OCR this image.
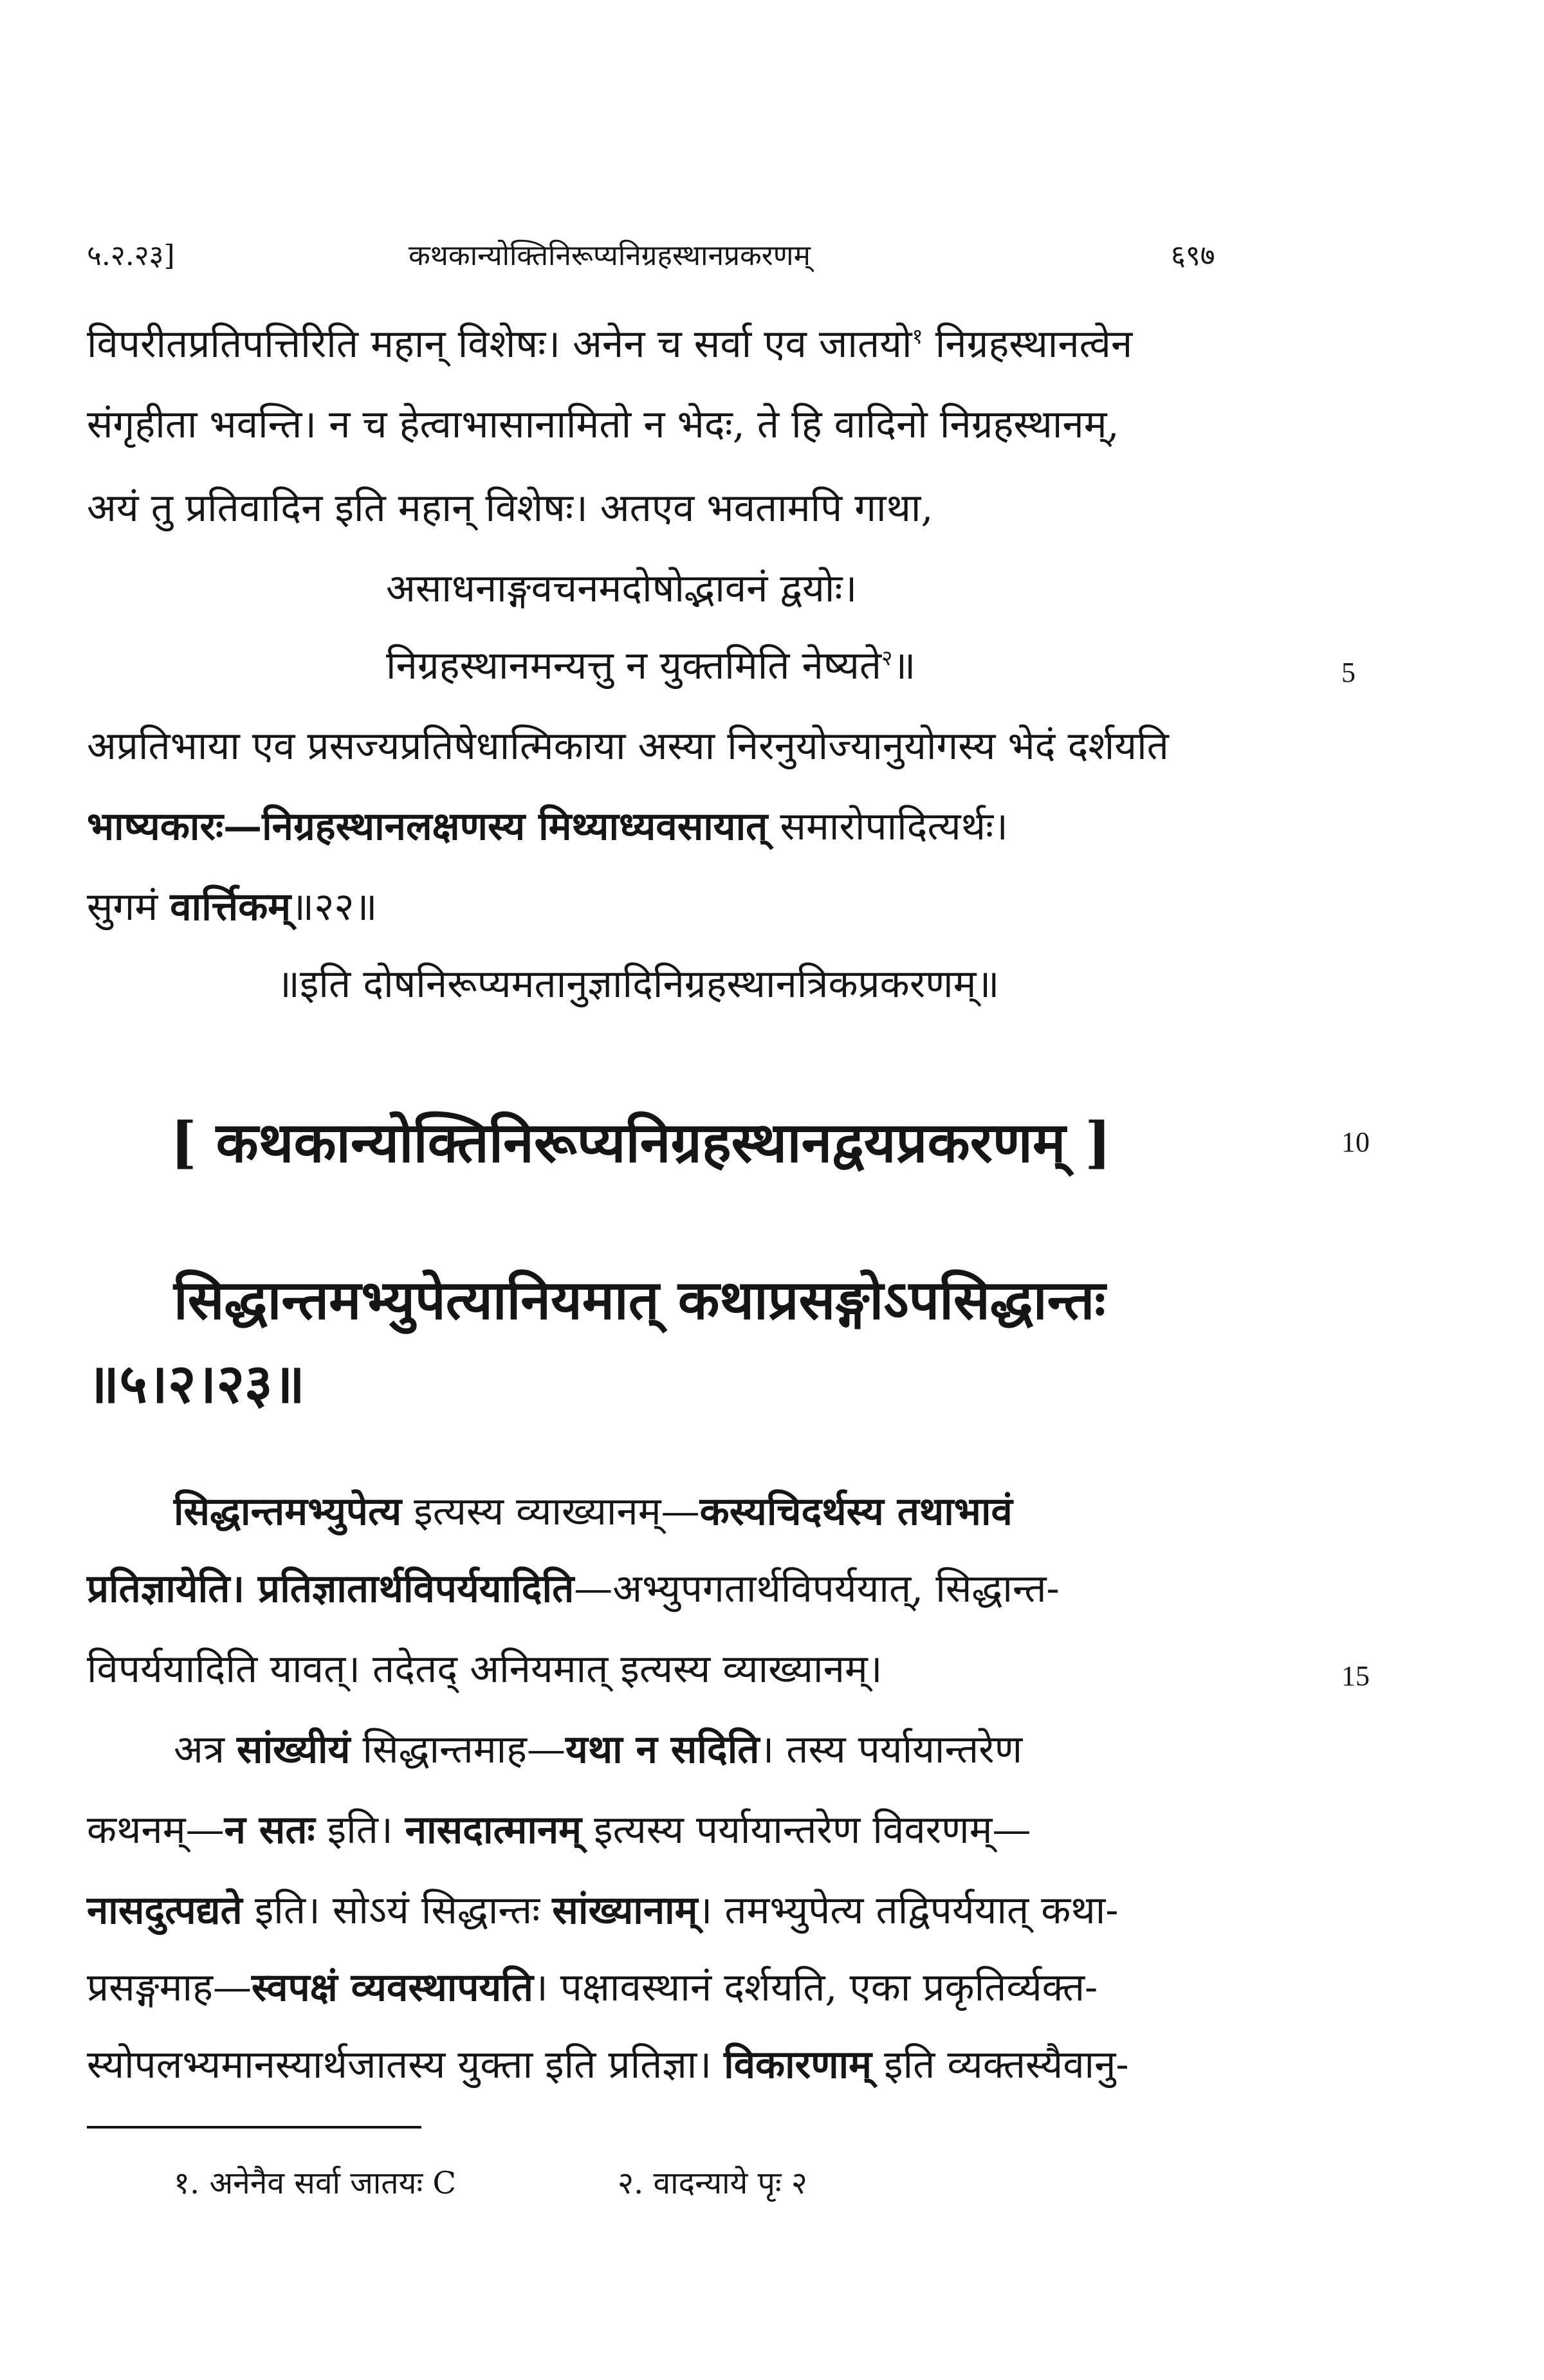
५.२.२३]	कथकान्योक्तिनिरूप्यनिग्रहस्थानप्रकरणम्	६९७
विपरीतप्रतिपत्तिरिति महान् विशेषः। अनेन च सर्वा एव जातयो$^१$ निग्रहस्थानत्वेन
संगृहीता भवन्ति। न च हेत्वाभासानामितो न भेदः, ते हि वादिनो निग्रहस्थानम्,
अयं तु प्रतिवादिन इति महान् विशेषः। अतएव भवतामपि गाथा,
असाधनाङ्गवचनमदोषोद्भावनं द्वयोः।
निग्रहस्थानमन्यत्तु न युक्तमिति नेष्यते$^२$॥	5
अप्रतिभाया एव प्रसज्यप्रतिषेधात्मिकाया अस्या निरनुयोज्यानुयोगस्य भेदं दर्शयति
भाष्यकारः—निग्रहस्थानलक्षणस्य मिथ्याध्यवसायात् समारोपादित्यर्थः।
सुगमं वार्त्तिकम्॥२२॥
॥इति दोषनिरूप्यमतानुज्ञादिनिग्रहस्थानत्रिकप्रकरणम्॥
[ कथकान्योक्तिनिरूप्यनिग्रहस्थानद्वयप्रकरणम् ]	10
सिद्धान्तमभ्युपेत्यानियमात् कथाप्रसङ्गोऽपसिद्धान्तः
॥५।२।२३॥
सिद्धान्तमभ्युपेत्य इत्यस्य व्याख्यानम्—कस्यचिदर्थस्य तथाभावं
प्रतिज्ञायेति। प्रतिज्ञातार्थविपर्ययादिति—अभ्युपगतार्थविपर्ययात्, सिद्धान्त-
विपर्ययादिति यावत्। तदेतद् अनियमात् इत्यस्य व्याख्यानम्।	15
अत्र सांख्यीयं सिद्धान्तमाह—यथा न सदिति। तस्य पर्यायान्तरेण
कथनम्—न सतः इति। नासदात्मानम् इत्यस्य पर्यायान्तरेण विवरणम्—
नासदुत्पद्यते इति। सोऽयं सिद्धान्तः सांख्यानाम्। तमभ्युपेत्य तद्विपर्ययात् कथा-
प्रसङ्गमाह—स्वपक्षं व्यवस्थापयति। पक्षावस्थानं दर्शयति, एका प्रकृतिर्व्यक्त-
स्योपलभ्यमानस्यार्थजातस्य युक्ता इति प्रतिज्ञा। विकारणाम् इति व्यक्तस्यैवानु-
१. अनेनैव सर्वा जातयः C	२. वादन्याये पृः २
